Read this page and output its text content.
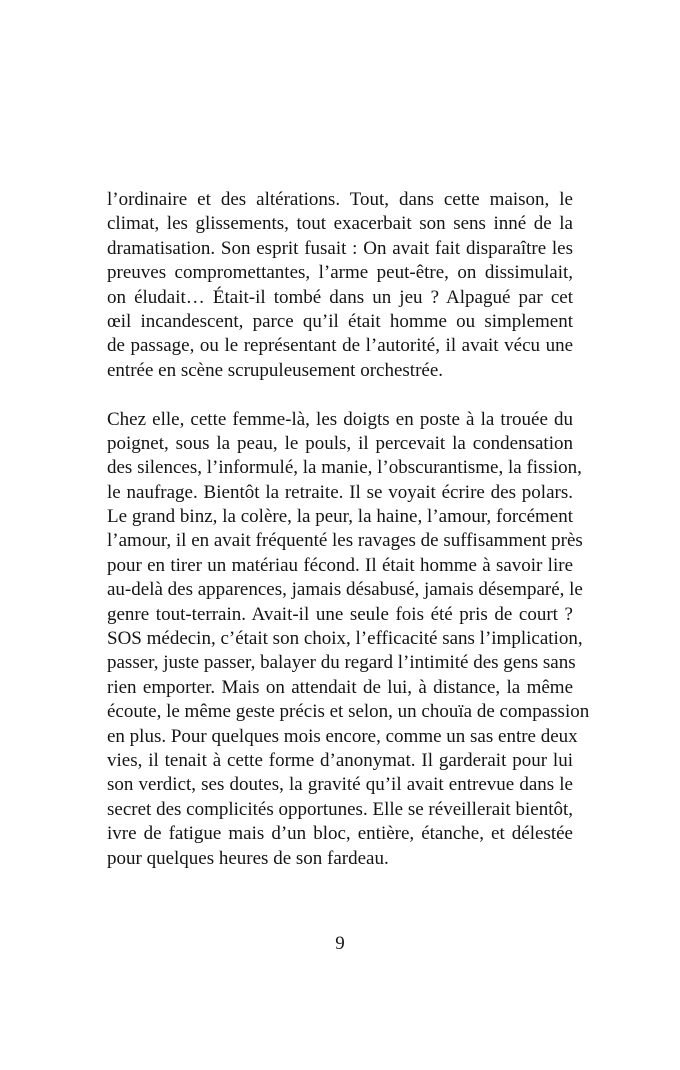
l’ordinaire et des altérations. Tout, dans cette maison, le
climat, les glissements, tout exacerbait son sens inné de la
dramatisation. Son esprit fusait : On avait fait disparaître les
preuves compromettantes, l’arme peut-être, on dissimulait,
on éludait… Était-il tombé dans un jeu ? Alpagué par cet
œil incandescent, parce qu’il était homme ou simplement
de passage, ou le représentant de l’autorité, il avait vécu une
entrée en scène scrupuleusement orchestrée.
Chez elle, cette femme-là, les doigts en poste à la trouée du
poignet, sous la peau, le pouls, il percevait la condensation
des silences, l’informulé, la manie, l’obscurantisme, la fission,
le naufrage. Bientôt la retraite. Il se voyait écrire des polars.
Le grand binz, la colère, la peur, la haine, l’amour, forcément
l’amour, il en avait fréquenté les ravages de suffisamment près
pour en tirer un matériau fécond. Il était homme à savoir lire
au-delà des apparences, jamais désabusé, jamais désemparé, le
genre tout-terrain. Avait-il une seule fois été pris de court ?
SOS médecin, c’était son choix, l’efficacité sans l’implication,
passer, juste passer, balayer du regard l’intimité des gens sans
rien emporter. Mais on attendait de lui, à distance, la même
écoute, le même geste précis et selon, un chouïa de compassion
en plus. Pour quelques mois encore, comme un sas entre deux
vies, il tenait à cette forme d’anonymat. Il garderait pour lui
son verdict, ses doutes, la gravité qu’il avait entrevue dans le
secret des complicités opportunes. Elle se réveillerait bientôt,
ivre de fatigue mais d’un bloc, entière, étanche, et délestée
pour quelques heures de son fardeau.
9
